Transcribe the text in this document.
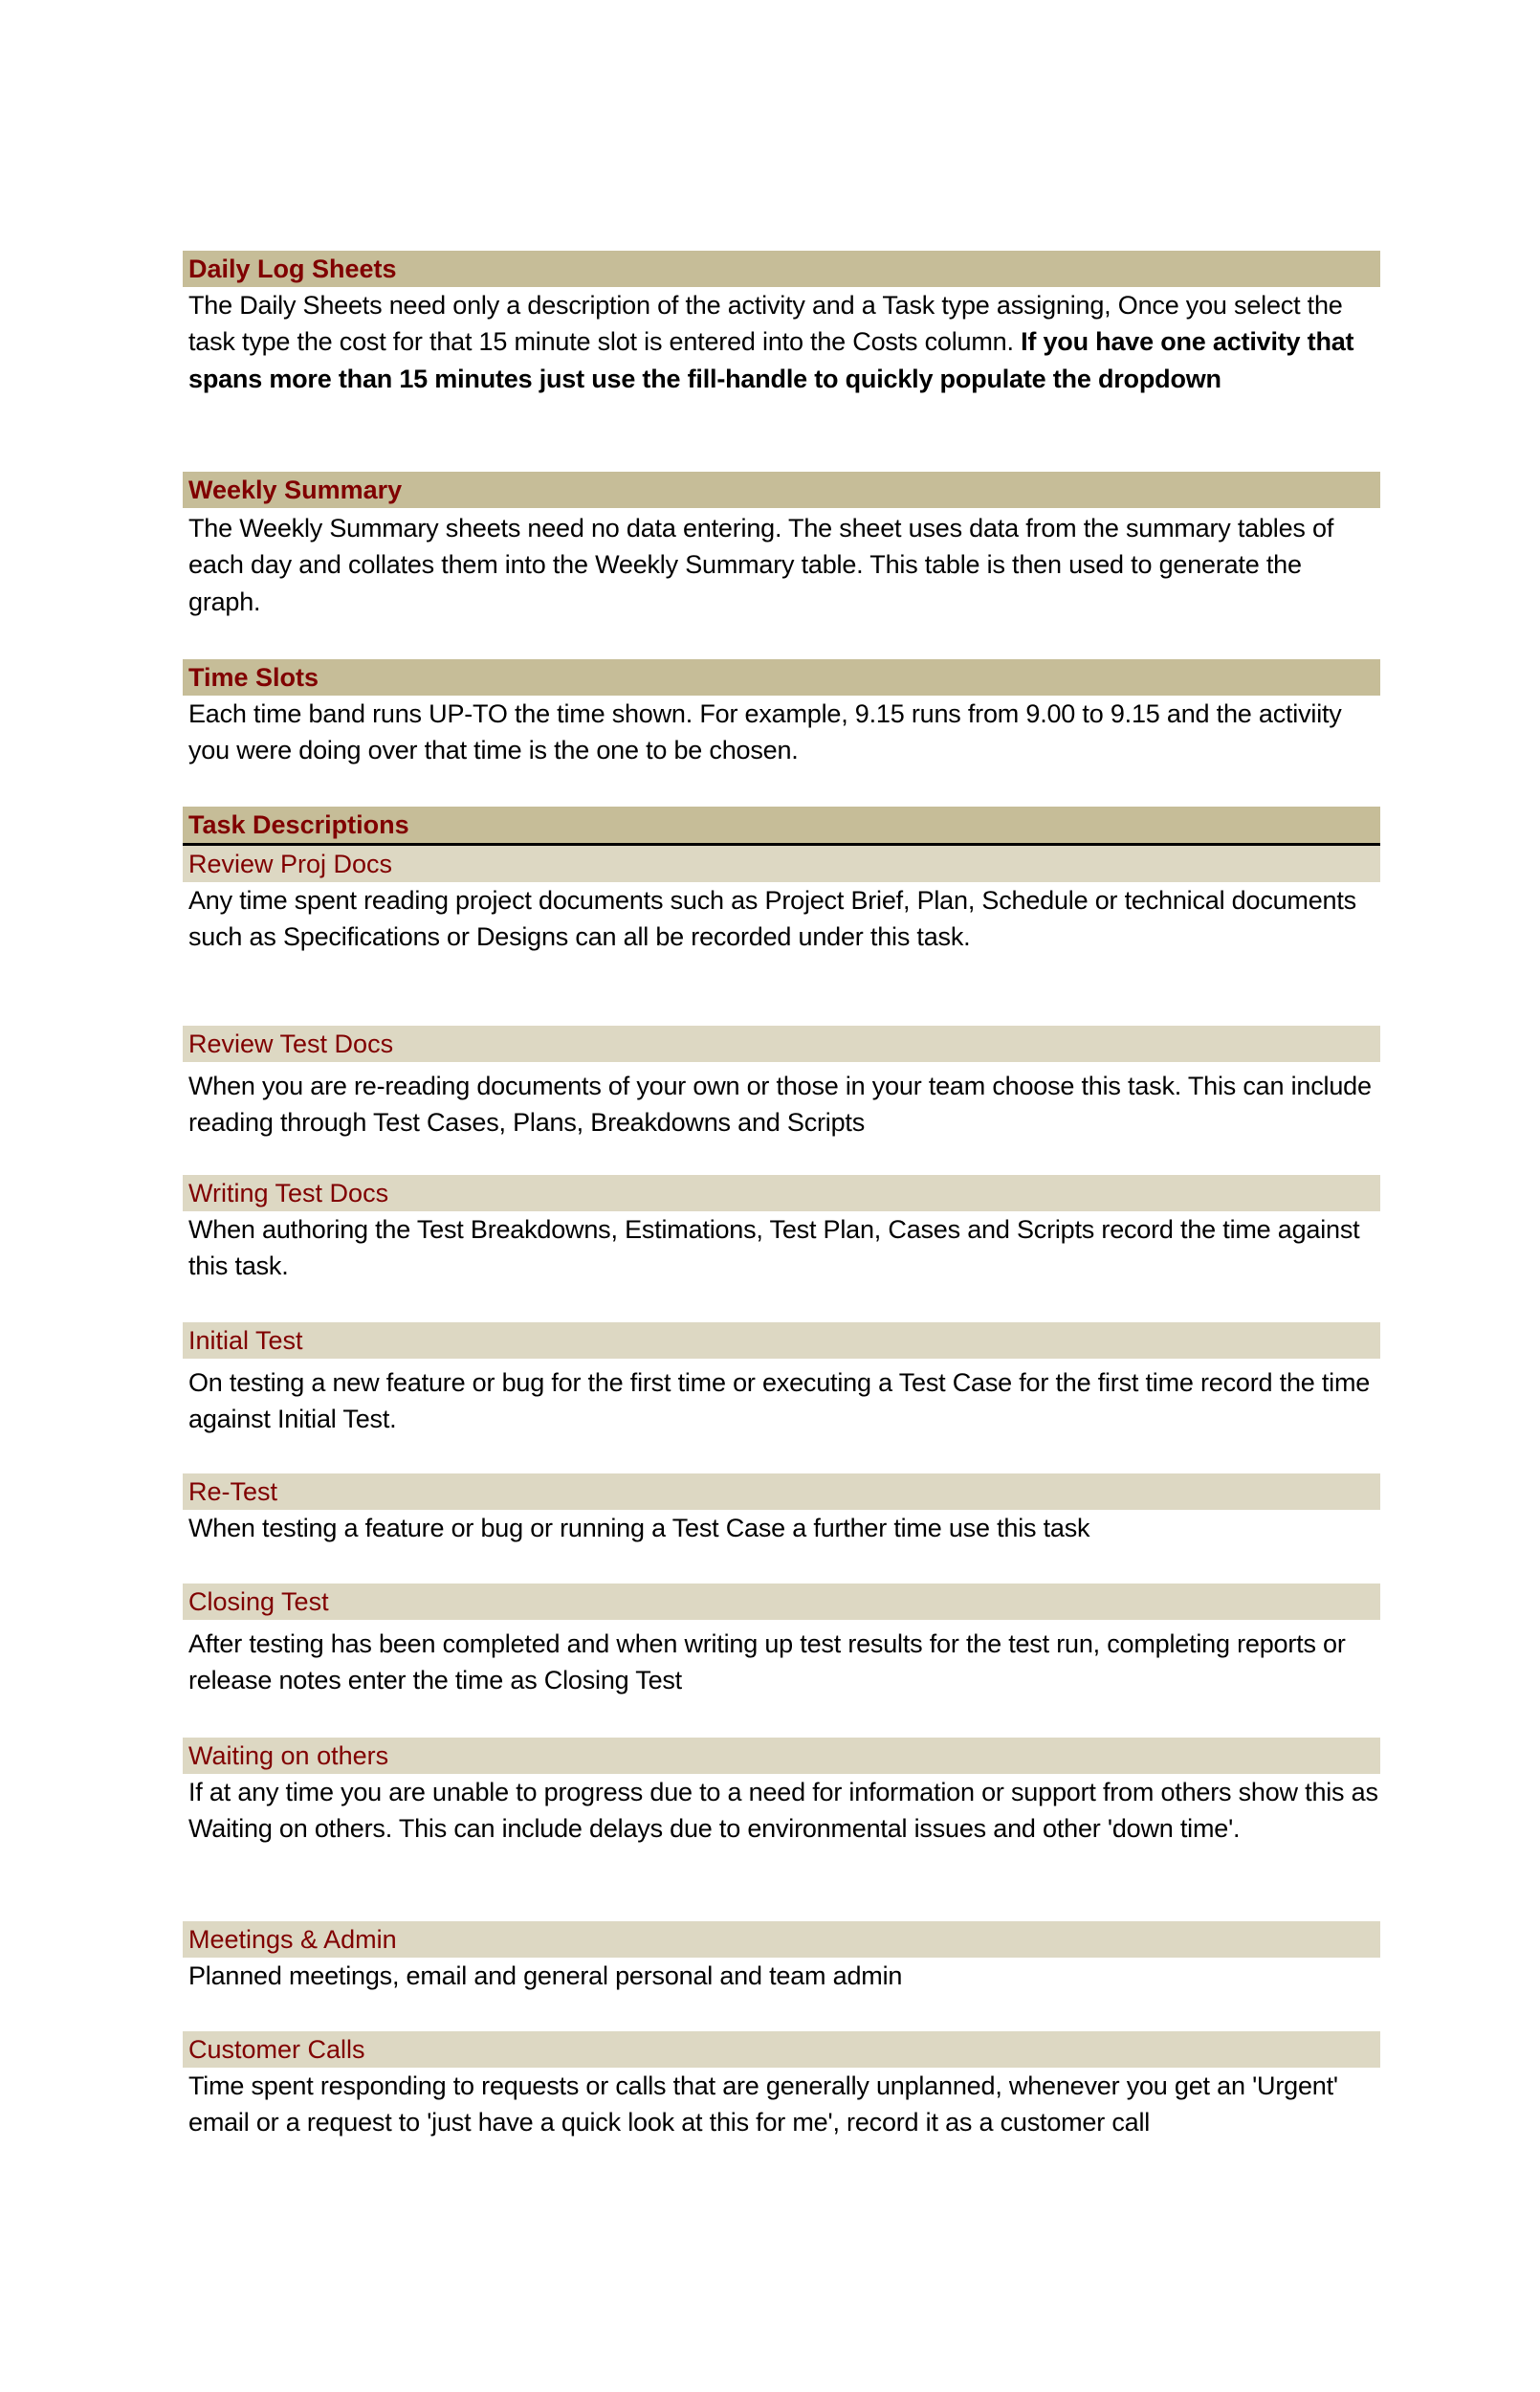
Daily Log Sheets
The Daily Sheets need only a description of the activity and a Task type assigning, Once you select the task type the cost for that 15 minute slot is entered into the Costs column. If you have one activity that spans more than 15 minutes just use the fill-handle to quickly populate the dropdown
Weekly Summary
The Weekly Summary sheets need no data entering. The sheet uses data from the summary tables of each day and collates them into the Weekly Summary table. This table is then used to generate the graph.
Time Slots
Each time band runs UP-TO the time shown. For example, 9.15 runs from 9.00 to 9.15 and the activiity you were doing over that time is the one to be chosen.
Task Descriptions
Review Proj Docs
Any time spent reading project documents such as Project Brief, Plan, Schedule or technical documents such as Specifications or Designs can all be recorded under this task.
Review Test Docs
When you are re-reading documents of your own or those in your team choose this task. This can include reading through Test Cases, Plans, Breakdowns and Scripts
Writing Test Docs
When authoring the Test Breakdowns, Estimations, Test Plan, Cases and Scripts record the time against this task.
Initial Test
On testing a new feature or bug for the first time or executing a Test Case for the first time record the time against Initial Test.
Re-Test
When testing a feature or bug or running a Test Case a further time use this task
Closing Test
After testing has been completed and when writing up test results for the test run, completing reports or release notes enter the time as Closing Test
Waiting on others
If at any time you are unable to progress due to a need for information or support from others show this as Waiting on others. This can include delays due to environmental issues and other 'down time'.
Meetings & Admin
Planned meetings, email and general personal and team admin
Customer Calls
Time spent responding to requests or calls that are generally unplanned, whenever you get an 'Urgent' email or a request to 'just have a quick look at this for me', record it as a customer call
